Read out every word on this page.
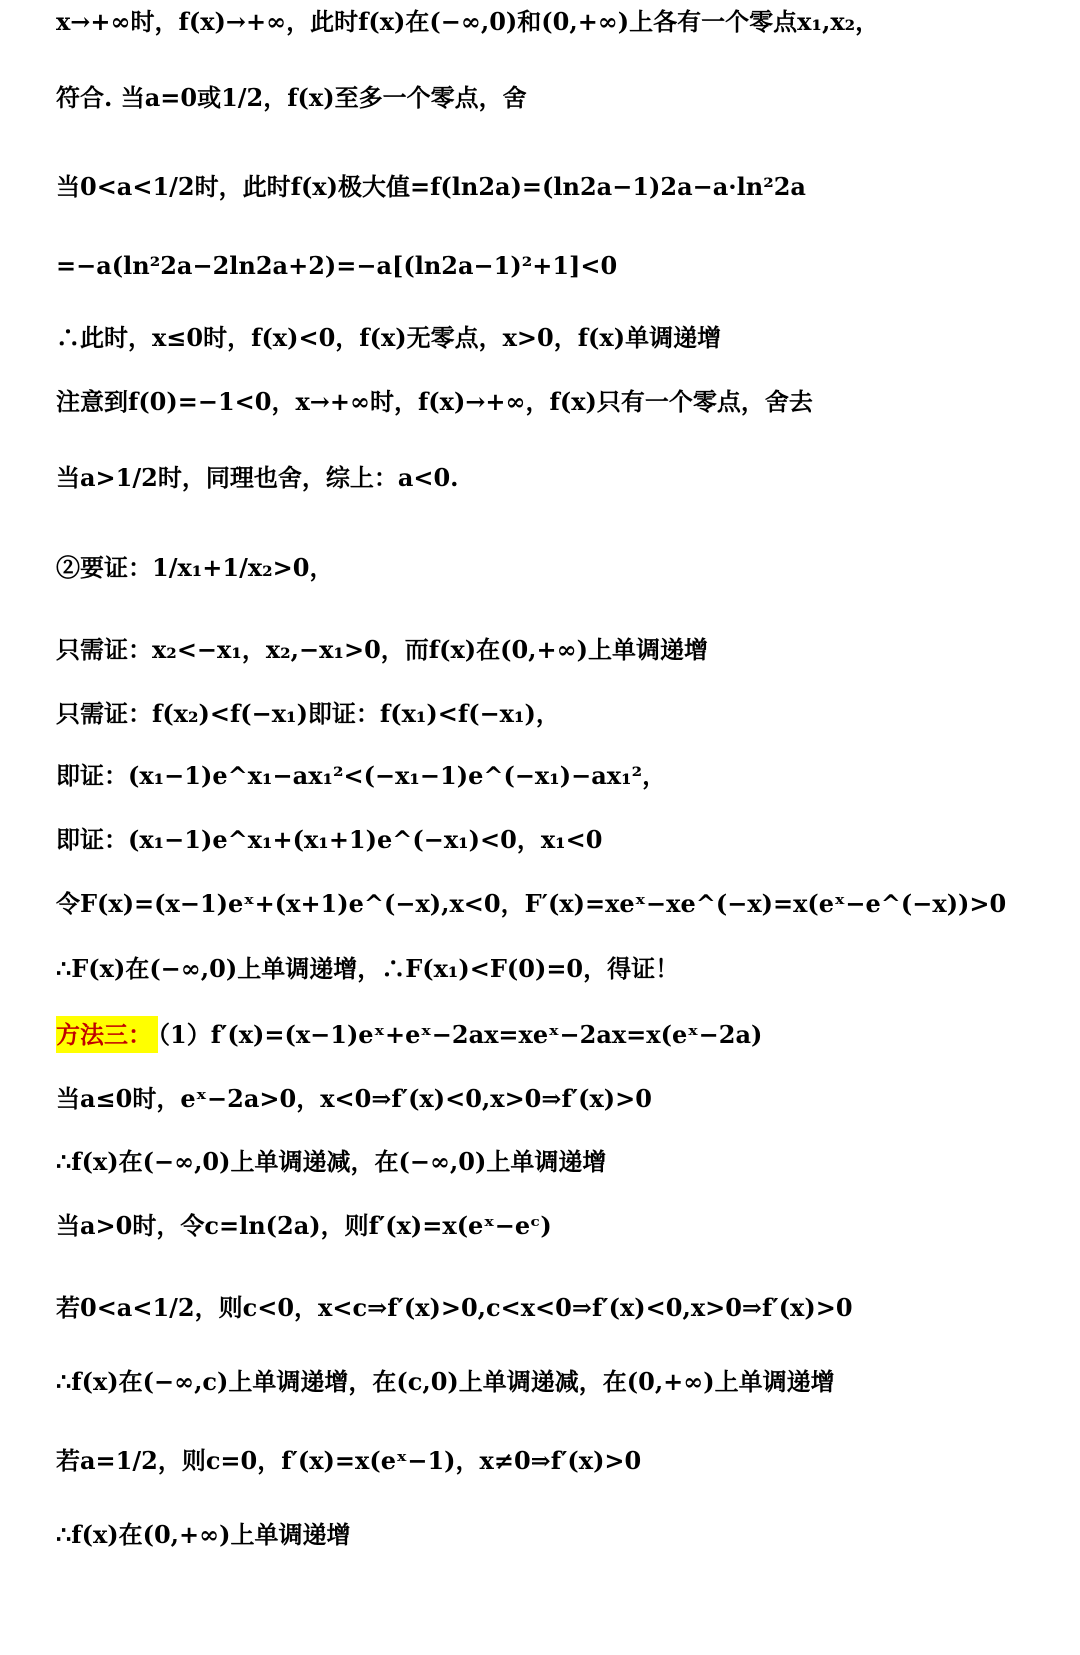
x→+∞时，f(x)→+∞，此时f(x)在(−∞,0)和(0,+∞)上各有一个零点x₁,x₂，
符合. 当a=0或1/2，f(x)至多一个零点，舍
当0<a<1/2时，此时f(x)极大值=f(ln2a)=(ln2a−1)2a−a·ln²2a
=−a(ln²2a−2ln2a+2)=−a[(ln2a−1)²+1]<0
∴此时，x≤0时，f(x)<0，f(x)无零点，x>0，f(x)单调递增
注意到f(0)=−1<0，x→+∞时，f(x)→+∞，f(x)只有一个零点，舍去
当a>1/2时，同理也舍，综上：a<0.
②要证：1/x₁+1/x₂>0，
只需证：x₂<−x₁，x₂,−x₁>0，而f(x)在(0,+∞)上单调递增
只需证：f(x₂)<f(−x₁)即证：f(x₁)<f(−x₁)，
即证：(x₁−1)e^x₁−ax₁²<(−x₁−1)e^(−x₁)−ax₁²，
即证：(x₁−1)e^x₁+(x₁+1)e^(−x₁)<0，x₁<0
令F(x)=(x−1)eˣ+(x+1)e^(−x),x<0，F′(x)=xeˣ−xe^(−x)=x(eˣ−e^(−x))>0
∴F(x)在(−∞,0)上单调递增，∴F(x₁)<F(0)=0，得证！
方法三： （1）f′(x)=(x−1)eˣ+eˣ−2ax=xeˣ−2ax=x(eˣ−2a)
当a≤0时，eˣ−2a>0，x<0⇒f′(x)<0,x>0⇒f′(x)>0
∴f(x)在(−∞,0)上单调递减，在(−∞,0)上单调递增
当a>0时，令c=ln(2a)，则f′(x)=x(eˣ−eᶜ)
若0<a<1/2，则c<0，x<c⇒f′(x)>0,c<x<0⇒f′(x)<0,x>0⇒f′(x)>0
∴f(x)在(−∞,c)上单调递增，在(c,0)上单调递减，在(0,+∞)上单调递增
若a=1/2，则c=0，f′(x)=x(eˣ−1)，x≠0⇒f′(x)>0
∴f(x)在(0,+∞)上单调递增
